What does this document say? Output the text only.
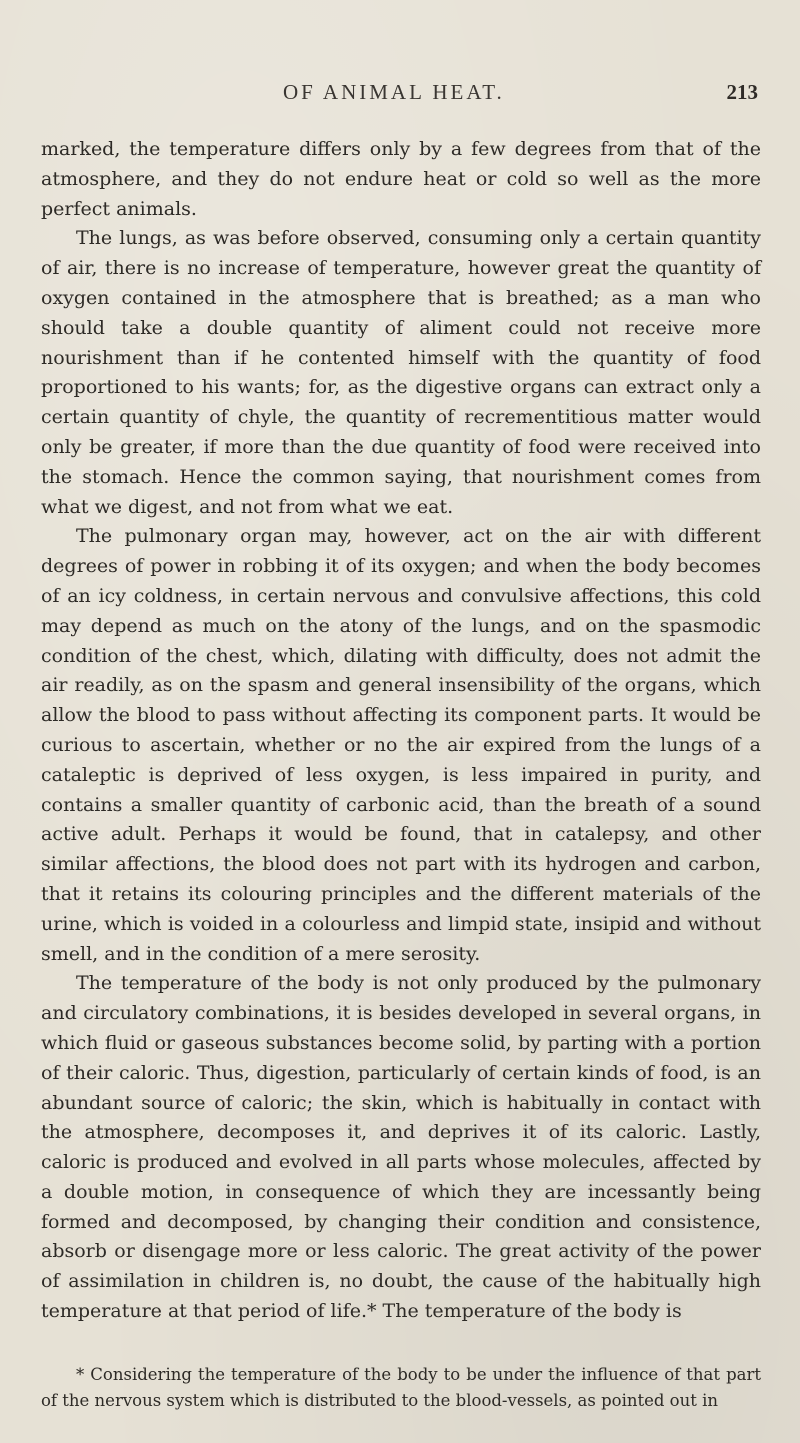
OF ANIMAL HEAT.	213

marked, the temperature differs only by a few degrees from that of the atmosphere, and they do not endure heat or cold so well as the more perfect animals.

The lungs, as was before observed, consuming only a certain quantity of air, there is no increase of temperature, however great the quantity of oxygen contained in the atmosphere that is breathed; as a man who should take a double quantity of aliment could not receive more nourishment than if he contented himself with the quantity of food proportioned to his wants; for, as the digestive organs can extract only a certain quantity of chyle, the quantity of recrementitious matter would only be greater, if more than the due quantity of food were received into the stomach. Hence the common saying, that nourishment comes from what we digest, and not from what we eat.

The pulmonary organ may, however, act on the air with different degrees of power in robbing it of its oxygen; and when the body becomes of an icy coldness, in certain nervous and convulsive affections, this cold may depend as much on the atony of the lungs, and on the spasmodic condition of the chest, which, dilating with difficulty, does not admit the air readily, as on the spasm and general insensibility of the organs, which allow the blood to pass without affecting its component parts. It would be curious to ascertain, whether or no the air expired from the lungs of a cataleptic is deprived of less oxygen, is less impaired in purity, and contains a smaller quantity of carbonic acid, than the breath of a sound active adult. Perhaps it would be found, that in catalepsy, and other similar affections, the blood does not part with its hydrogen and carbon, that it retains its colouring principles and the different materials of the urine, which is voided in a colourless and limpid state, insipid and without smell, and in the condition of a mere serosity.

The temperature of the body is not only produced by the pulmonary and circulatory combinations, it is besides developed in several organs, in which fluid or gaseous substances become solid, by parting with a portion of their caloric. Thus, digestion, particularly of certain kinds of food, is an abundant source of caloric; the skin, which is habitually in contact with the atmosphere, decomposes it, and deprives it of its caloric. Lastly, caloric is produced and evolved in all parts whose molecules, affected by a double motion, in consequence of which they are incessantly being formed and decomposed, by changing their condition and consistence, absorb or disengage more or less caloric. The great activity of the power of assimilation in children is, no doubt, the cause of the habitually high temperature at that period of life.* The temperature of the body is

* Considering the temperature of the body to be under the influence of that part of the nervous system which is distributed to the blood-vessels, as pointed out in
